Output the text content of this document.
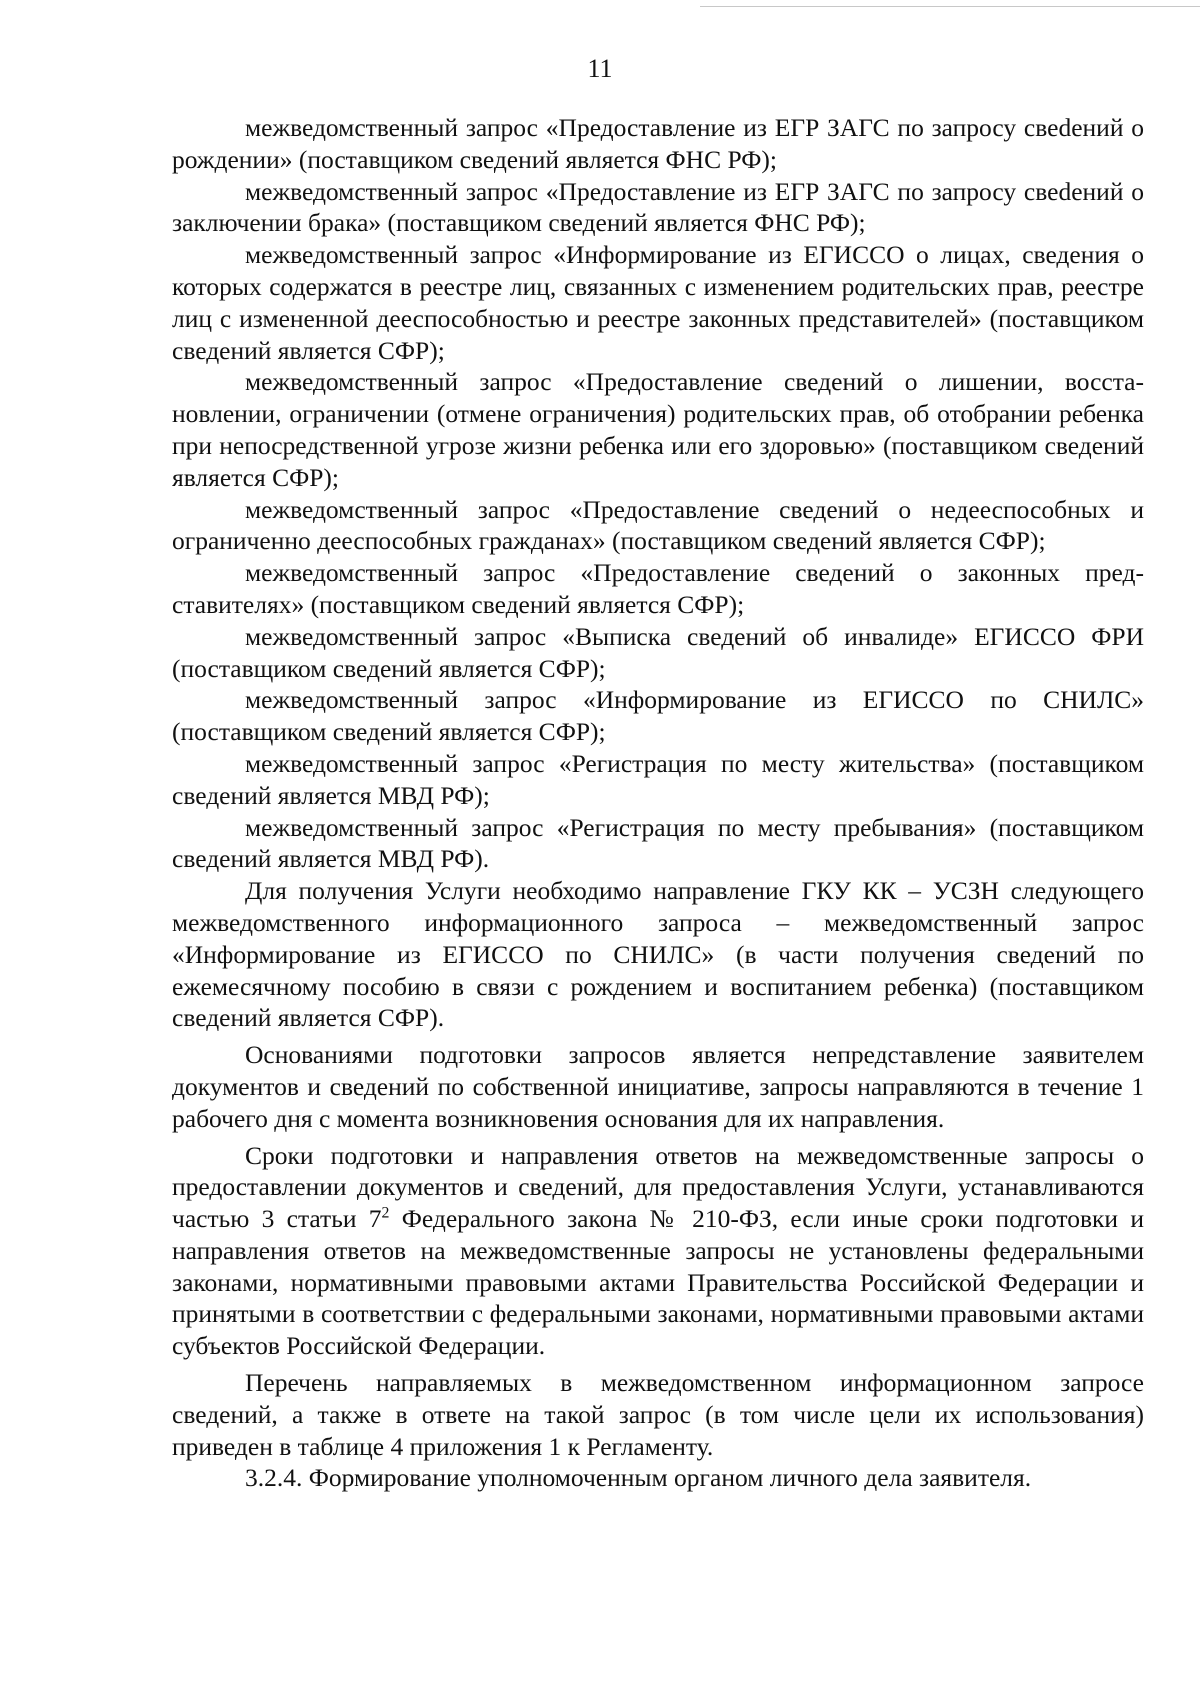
11

межведомственный запрос «Предоставление из ЕГР ЗАГС по запросу свеdений о рождении» (поставщиком сведений является ФНС РФ);

межведомственный запрос «Предоставление из ЕГР ЗАГС по запросу свеdений о заключении брака» (поставщиком сведений является ФНС РФ);

межведомственный запрос «Информирование из ЕГИССО о лицах, сведения о которых содержатся в реестре лиц, связанных с изменением родительских прав, реестре лиц с измененной дееспособностью и реестре законных представителей» (поставщиком сведений является СФР);

межведомственный запрос «Предоставление сведений о лишении, восстановлении, ограничении (отмене ограничения) родительских прав, об отобрании ребенка при непосредственной угрозе жизни ребенка или его здоровью» (поставщиком сведений является СФР);

межведомственный запрос «Предоставление сведений о недееспособных и ограниченно дееспособных гражданах» (поставщиком сведений является СФР);

межведомственный запрос «Предоставление сведений о законных представителях» (поставщиком сведений является СФР);

межведомственный запрос «Выписка сведений об инвалиде» ЕГИССО ФРИ (поставщиком сведений является СФР);

межведомственный запрос «Информирование из ЕГИССО по СНИЛС» (поставщиком сведений является СФР);

межведомственный запрос «Регистрация по месту жительства» (поставщиком сведений является МВД РФ);

межведомственный запрос «Регистрация по месту пребывания» (поставщиком сведений является МВД РФ).

Для получения Услуги необходимо направление ГКУ КК – УСЗН следующего межведомственного информационного запроса – межведомственный запрос «Информирование из ЕГИССО по СНИЛС» (в части получения сведений по ежемесячному пособию в связи с рождением и воспитанием ребенка) (поставщиком сведений является СФР).

Основаниями подготовки запросов является непредставление заявителем документов и сведений по собственной инициативе, запросы направляются в течение 1 рабочего дня с момента возникновения основания для их направления.

Сроки подготовки и направления ответов на межведомственные запросы о предоставлении документов и сведений, для предоставления Услуги, устанавливаются частью 3 статьи $7^2$ Федерального закона № 210-ФЗ, если иные сроки подготовки и направления ответов на межведомственные запросы не установлены федеральными законами, нормативными правовыми актами Правительства Российской Федерации и принятыми в соответствии с федеральными законами, нормативными правовыми актами субъектов Российской Федерации.

Перечень направляемых в межведомственном информационном запросе сведений, а также в ответе на такой запрос (в том числе цели их использования) приведен в таблице 4 приложения 1 к Регламенту.

3.2.4. Формирование уполномоченным органом личного дела заявителя.
